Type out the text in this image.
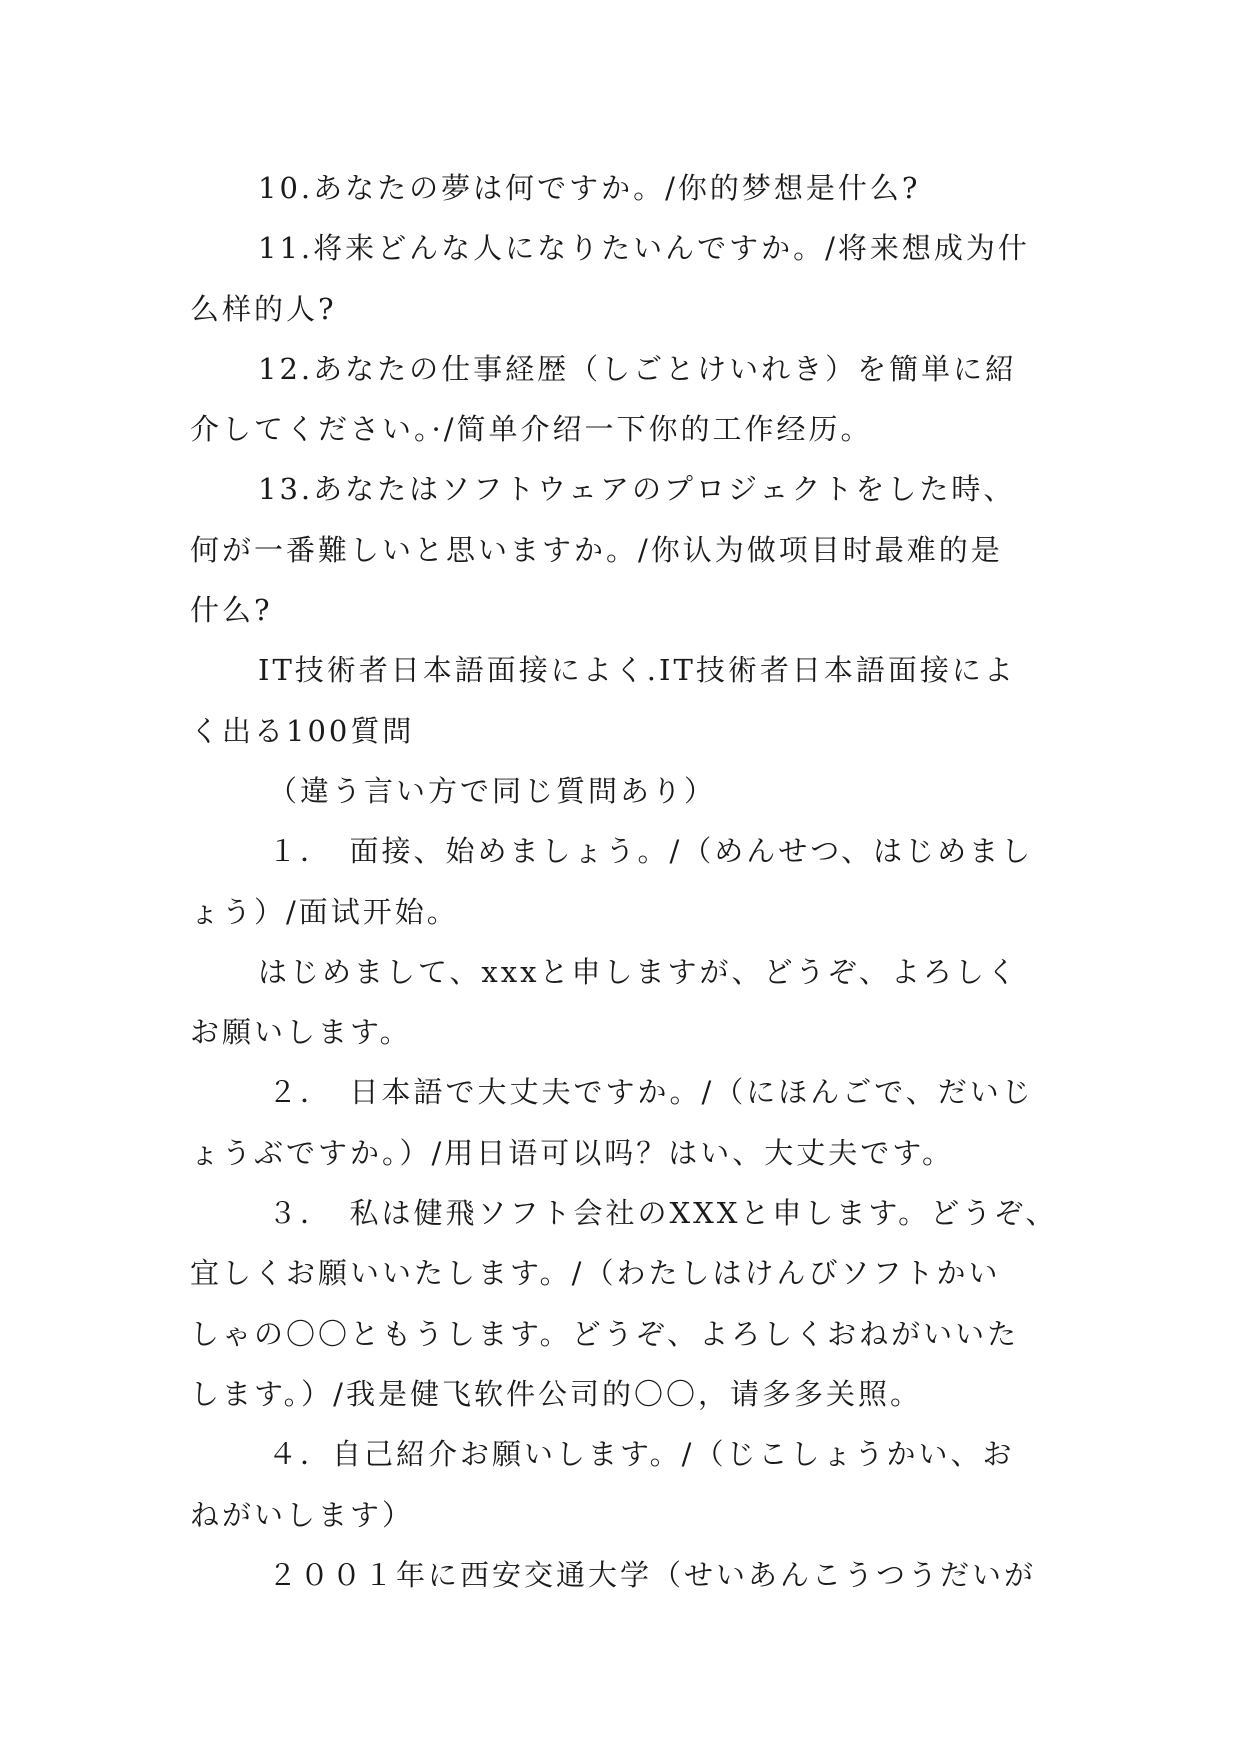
10.あなたの夢は何ですか。/你的梦想是什么?
11.将来どんな人になりたいんですか。/将来想成为什
么样的人?
12.あなたの仕事経歴（しごとけいれき）を簡単に紹
介してください。·/简单介绍一下你的工作经历。
13.あなたはソフトウェアのプロジェクトをした時、
何が一番難しいと思いますか。/你认为做项目时最难的是
什么?
IT技術者日本語面接によく.IT技術者日本語面接によ
く出る100質問
（違う言い方で同じ質問あり）
１．　面接、始めましょう。/（めんせつ、はじめまし
ょう）/面试开始。
はじめまして、xxxと申しますが、どうぞ、よろしく
お願いします。
２．　日本語で大丈夫ですか。/（にほんごで、だいじ
ょうぶですか。）/用日语可以吗？はい、大丈夫です。
３．　私は健飛ソフト会社のXXXと申します。どうぞ、
宜しくお願いいたします。/（わたしはけんびソフトかい
しゃの〇〇ともうします。どうぞ、よろしくおねがいいた
します。）/我是健飞软件公司的〇〇，请多多关照。
４．自己紹介お願いします。/（じこしょうかい、お
ねがいします）
２００１年に西安交通大学（せいあんこうつうだいが
